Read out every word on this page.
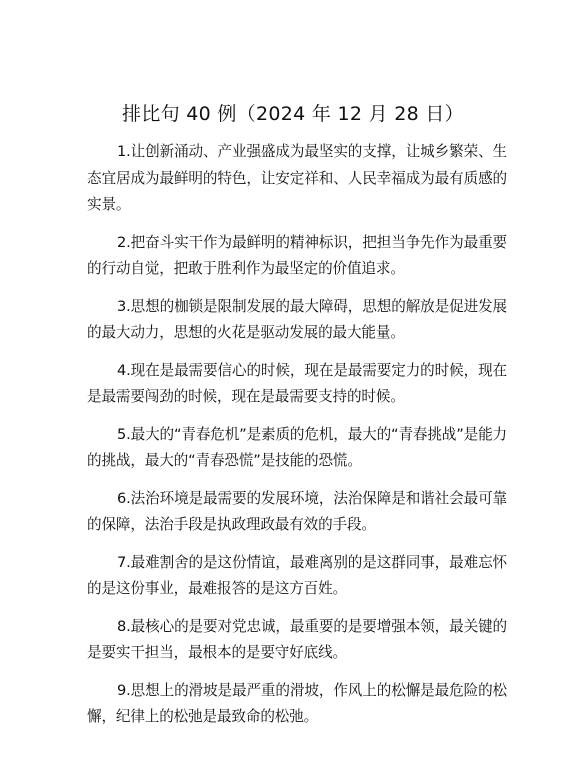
排比句 40 例（2024 年 12 月 28 日）

1.让创新涌动、产业强盛成为最坚实的支撑，让城乡繁荣、生态宜居成为最鲜明的特色，让安定祥和、人民幸福成为最有质感的实景。

2.把奋斗实干作为最鲜明的精神标识，把担当争先作为最重要的行动自觉，把敢于胜利作为最坚定的价值追求。

3.思想的枷锁是限制发展的最大障碍，思想的解放是促进发展的最大动力，思想的火花是驱动发展的最大能量。

4.现在是最需要信心的时候，现在是最需要定力的时候，现在是最需要闯劲的时候，现在是最需要支持的时候。

5.最大的“青春危机”是素质的危机，最大的“青春挑战”是能力的挑战，最大的“青春恐慌”是技能的恐慌。

6.法治环境是最需要的发展环境，法治保障是和谐社会最可靠的保障，法治手段是执政理政最有效的手段。

7.最难割舍的是这份情谊，最难离别的是这群同事，最难忘怀的是这份事业，最难报答的是这方百姓。

8.最核心的是要对党忠诚，最重要的是要增强本领，最关键的是要实干担当，最根本的是要守好底线。

9.思想上的滑坡是最严重的滑坡，作风上的松懈是最危险的松懈，纪律上的松弛是最致命的松弛。
